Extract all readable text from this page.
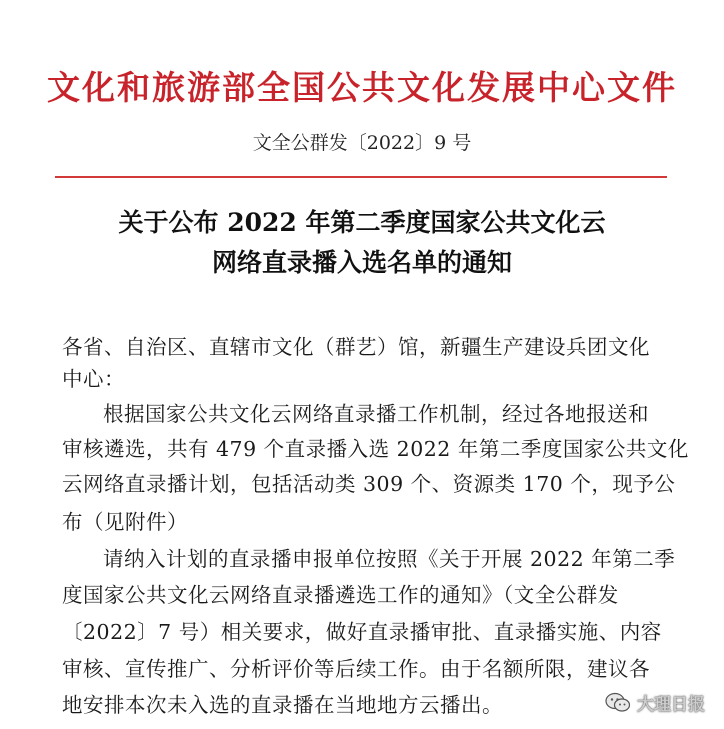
文化和旅游部全国公共文化发展中心文件
文全公群发〔2022〕9 号
关于公布 2022 年第二季度国家公共文化云
网络直录播入选名单的通知
各省、自治区、直辖市文化（群艺）馆，新疆生产建设兵团文化
中心：
根据国家公共文化云网络直录播工作机制，经过各地报送和
审核遴选，共有 479 个直录播入选 2022 年第二季度国家公共文化
云网络直录播计划，包括活动类 309 个、资源类 170 个，现予公
布（见附件）
请纳入计划的直录播申报单位按照《关于开展 2022 年第二季
度国家公共文化云网络直录播遴选工作的通知》（文全公群发
〔2022〕7 号）相关要求，做好直录播审批、直录播实施、内容
审核、宣传推广、分析评价等后续工作。由于名额所限，建议各
地安排本次未入选的直录播在当地地方云播出。	大理日报
